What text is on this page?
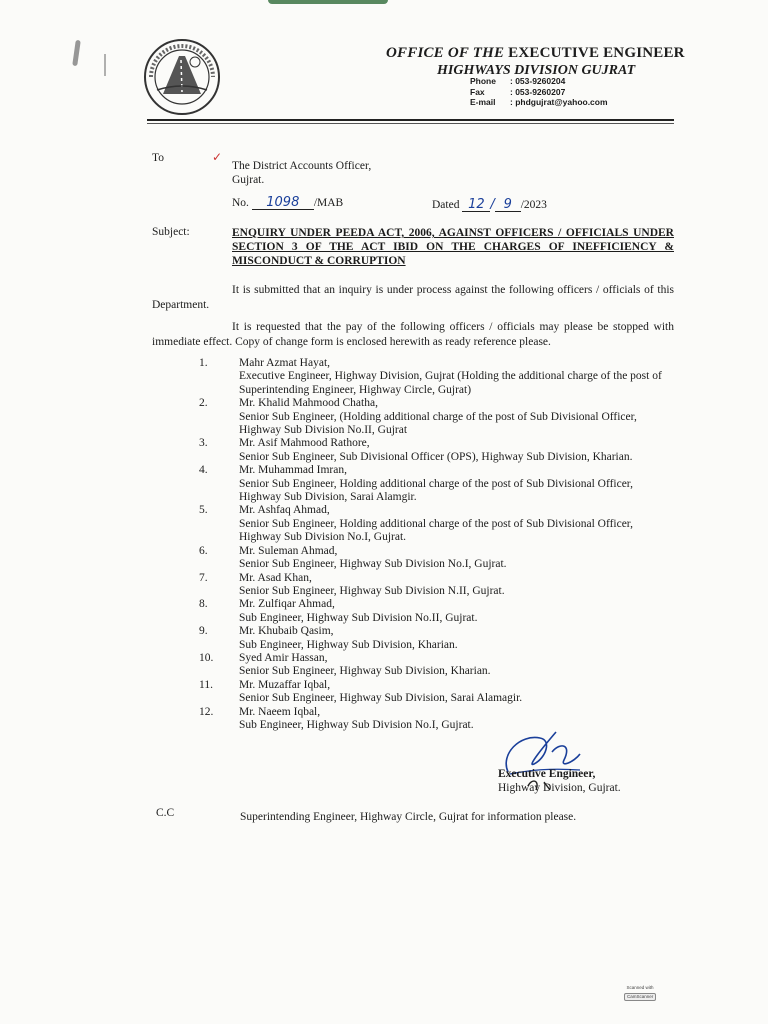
OFFICE OF THE EXECUTIVE ENGINEER
HIGHWAYS DIVISION GUJRAT
Phone : 053-9260204
Fax	: 053-9260207
E-mail : phdgujrat@yahoo.com
To	✓
The District Accounts Officer,
Gujrat.
No. 1098 /MAB	Dated 12 / 9 /2023
Subject:	ENQUIRY UNDER PEEDA ACT, 2006, AGAINST OFFICERS / OFFICIALS UNDER SECTION 3 OF THE ACT IBID ON THE CHARGES OF INEFFICIENCY & MISCONDUCT & CORRUPTION
It is submitted that an inquiry is under process against the following officers / officials of this Department.
It is requested that the pay of the following officers / officials may please be stopped with immediate effect. Copy of change form is enclosed herewith as ready reference please.
1.	Mahr Azmat Hayat,
Executive Engineer, Highway Division, Gujrat (Holding the additional charge of the post of Superintending Engineer, Highway Circle, Gujrat)
2.	Mr. Khalid Mahmood Chatha,
Senior Sub Engineer, (Holding additional charge of the post of Sub Divisional Officer, Highway Sub Division No.II, Gujrat
3.	Mr. Asif Mahmood Rathore,
Senior Sub Engineer, Sub Divisional Officer (OPS), Highway Sub Division, Kharian.
4.	Mr. Muhammad Imran,
Senior Sub Engineer, Holding additional charge of the post of Sub Divisional Officer, Highway Sub Division, Sarai Alamgir.
5.	Mr. Ashfaq Ahmad,
Senior Sub Engineer, Holding additional charge of the post of Sub Divisional Officer, Highway Sub Division No.I, Gujrat.
6.	Mr. Suleman Ahmad,
Senior Sub Engineer, Highway Sub Division No.I, Gujrat.
7.	Mr. Asad Khan,
Senior Sub Engineer, Highway Sub Division N.II, Gujrat.
8.	Mr. Zulfiqar Ahmad,
Sub Engineer, Highway Sub Division No.II, Gujrat.
9.	Mr. Khubaib Qasim,
Sub Engineer, Highway Sub Division, Kharian.
10.	Syed Amir Hassan,
Senior Sub Engineer, Highway Sub Division, Kharian.
11.	Mr. Muzaffar Iqbal,
Senior Sub Engineer, Highway Sub Division, Sarai Alamagir.
12.	Mr. Naeem Iqbal,
Sub Engineer, Highway Sub Division No.I, Gujrat.
Executive Engineer,
Highway Division, Gujrat.
C.C	Superintending Engineer, Highway Circle, Gujrat for information please.
Scanned with
CamScanner
